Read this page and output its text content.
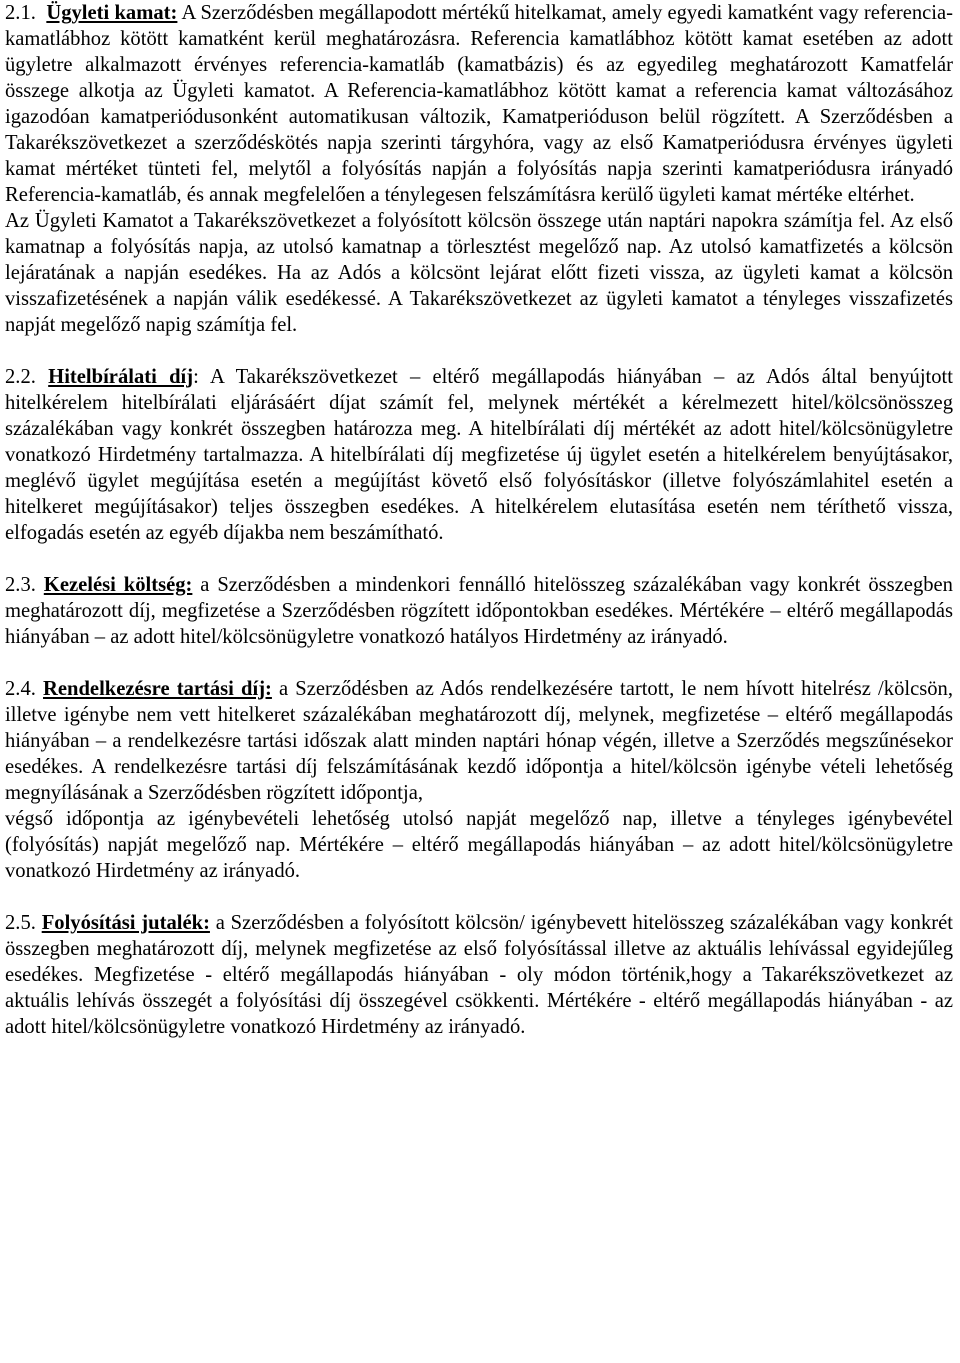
2.1. Ügyleti kamat: A Szerződésben megállapodott mértékű hitelkamat, amely egyedi kamatként vagy referencia-kamatlábhoz kötött kamatként kerül meghatározásra. Referencia kamatlábhoz kötött kamat esetében az adott ügyletre alkalmazott érvényes referencia-kamatláb (kamatbázis) és az egyedileg meghatározott Kamatfelár összege alkotja az Ügyleti kamatot. A Referencia-kamatlábhoz kötött kamat a referencia kamat változásához igazodóan kamatperiódusonként automatikusan változik, Kamatperióduson belül rögzített. A Szerződésben a Takarékszövetkezet a szerződéskötés napja szerinti tárgyhóra, vagy az első Kamatperiódusra érvényes ügyleti kamat mértéket tünteti fel, melytől a folyósítás napján a folyósítás napja szerinti kamatperiódusra irányadó Referencia-kamatláb, és annak megfelelően a ténylegesen felszámításra kerülő ügyleti kamat mértéke eltérhet.

Az Ügyleti Kamatot a Takarékszövetkezet a folyósított kölcsön összege után naptári napokra számítja fel. Az első kamatnap a folyósítás napja, az utolsó kamatnap a törlesztést megelőző nap. Az utolsó kamatfizetés a kölcsön lejáratának a napján esedékes. Ha az Adós a kölcsönt lejárat előtt fizeti vissza, az ügyleti kamat a kölcsön visszafizetésének a napján válik esedékessé. A Takarékszövetkezet az ügyleti kamatot a tényleges visszafizetés napját megelőző napig számítja fel.

2.2. Hitelbírálati díj: A Takarékszövetkezet – eltérő megállapodás hiányában – az Adós által benyújtott hitelkérelem hitelbírálati eljárásáért díjat számít fel, melynek mértékét a kérelmezett hitel/kölcsönösszeg százalékában vagy konkrét összegben határozza meg. A hitelbírálati díj mértékét az adott hitel/kölcsönügyletre vonatkozó Hirdetmény tartalmazza. A hitelbírálati díj megfizetése új ügylet esetén a hitelkérelem benyújtásakor, meglévő ügylet megújítása esetén a megújítást követő első folyósításkor (illetve folyószámlahitel esetén a hitelkeret megújításakor) teljes összegben esedékes. A hitelkérelem elutasítása esetén nem téríthető vissza, elfogadás esetén az egyéb díjakba nem beszámítható.

2.3. Kezelési költség: a Szerződésben a mindenkori fennálló hitelösszeg százalékában vagy konkrét összegben meghatározott díj, megfizetése a Szerződésben rögzített időpontokban esedékes. Mértékére – eltérő megállapodás hiányában – az adott hitel/kölcsönügyletre vonatkozó hatályos Hirdetmény az irányadó.

2.4. Rendelkezésre tartási díj: a Szerződésben az Adós rendelkezésére tartott, le nem hívott hitelrész /kölcsön, illetve igénybe nem vett hitelkeret százalékában meghatározott díj, melynek, megfizetése – eltérő megállapodás hiányában – a rendelkezésre tartási időszak alatt minden naptári hónap végén, illetve a Szerződés megszűnésekor esedékes. A rendelkezésre tartási díj felszámításának kezdő időpontja a hitel/kölcsön igénybe vételi lehetőség megnyílásának a Szerződésben rögzített időpontja,

végső időpontja az igénybevételi lehetőség utolsó napját megelőző nap, illetve a tényleges igénybevétel (folyósítás) napját megelőző nap. Mértékére – eltérő megállapodás hiányában – az adott hitel/kölcsönügyletre vonatkozó Hirdetmény az irányadó.

2.5. Folyósítási jutalék: a Szerződésben a folyósított kölcsön/ igénybevett hitelösszeg százalékában vagy konkrét összegben meghatározott díj, melynek megfizetése az első folyósítással illetve az aktuális lehívással egyidejűleg esedékes. Megfizetése - eltérő megállapodás hiányában - oly módon történik,hogy a Takarékszövetkezet az aktuális lehívás összegét a folyósítási díj összegével csökkenti. Mértékére - eltérő megállapodás hiányában - az adott hitel/kölcsönügyletre vonatkozó Hirdetmény az irányadó.
